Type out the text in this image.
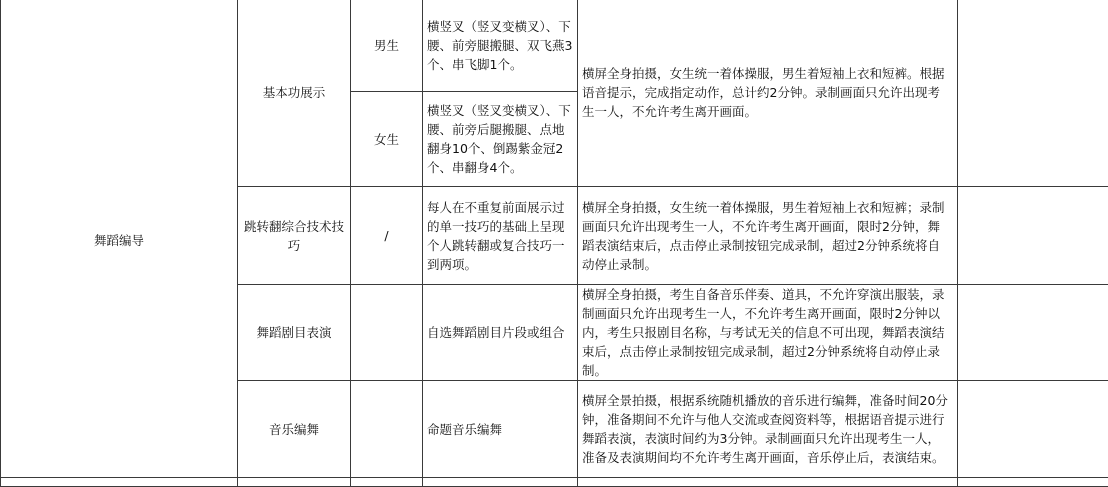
舞蹈编导
基本功展示
男生
横竖叉（竖叉变横叉）、下腰、前旁腿搬腿、双飞燕3个、串飞脚1个。
女生
横竖叉（竖叉变横叉）、下腰、前旁后腿搬腿、点地翻身10个、倒踢紫金冠2个、串翻身4个。
横屏全身拍摄，女生统一着体操服，男生着短袖上衣和短裤。根据语音提示，完成指定动作，总计约2分钟。录制画面只允许出现考生一人，不允许考生离开画面。
跳转翻综合技术技巧
/
每人在不重复前面展示过的单一技巧的基础上呈现个人跳转翻或复合技巧一到两项。
横屏全身拍摄，女生统一着体操服，男生着短袖上衣和短裤；录制画面只允许出现考生一人，不允许考生离开画面，限时2分钟，舞蹈表演结束后，点击停止录制按钮完成录制，超过2分钟系统将自动停止录制。
舞蹈剧目表演	自选舞蹈剧目片段或组合
横屏全身拍摄，考生自备音乐伴奏、道具，不允许穿演出服装，录制画面只允许出现考生一人，不允许考生离开画面，限时2分钟以内，考生只报剧目名称，与考试无关的信息不可出现，舞蹈表演结束后，点击停止录制按钮完成录制，超过2分钟系统将自动停止录制。
音乐编舞	命题音乐编舞
横屏全景拍摄，根据系统随机播放的音乐进行编舞，准备时间20分钟，准备期间不允许与他人交流或查阅资料等，根据语音提示进行舞蹈表演，表演时间约为3分钟。录制画面只允许出现考生一人，准备及表演期间均不允许考生离开画面，音乐停止后，表演结束。
